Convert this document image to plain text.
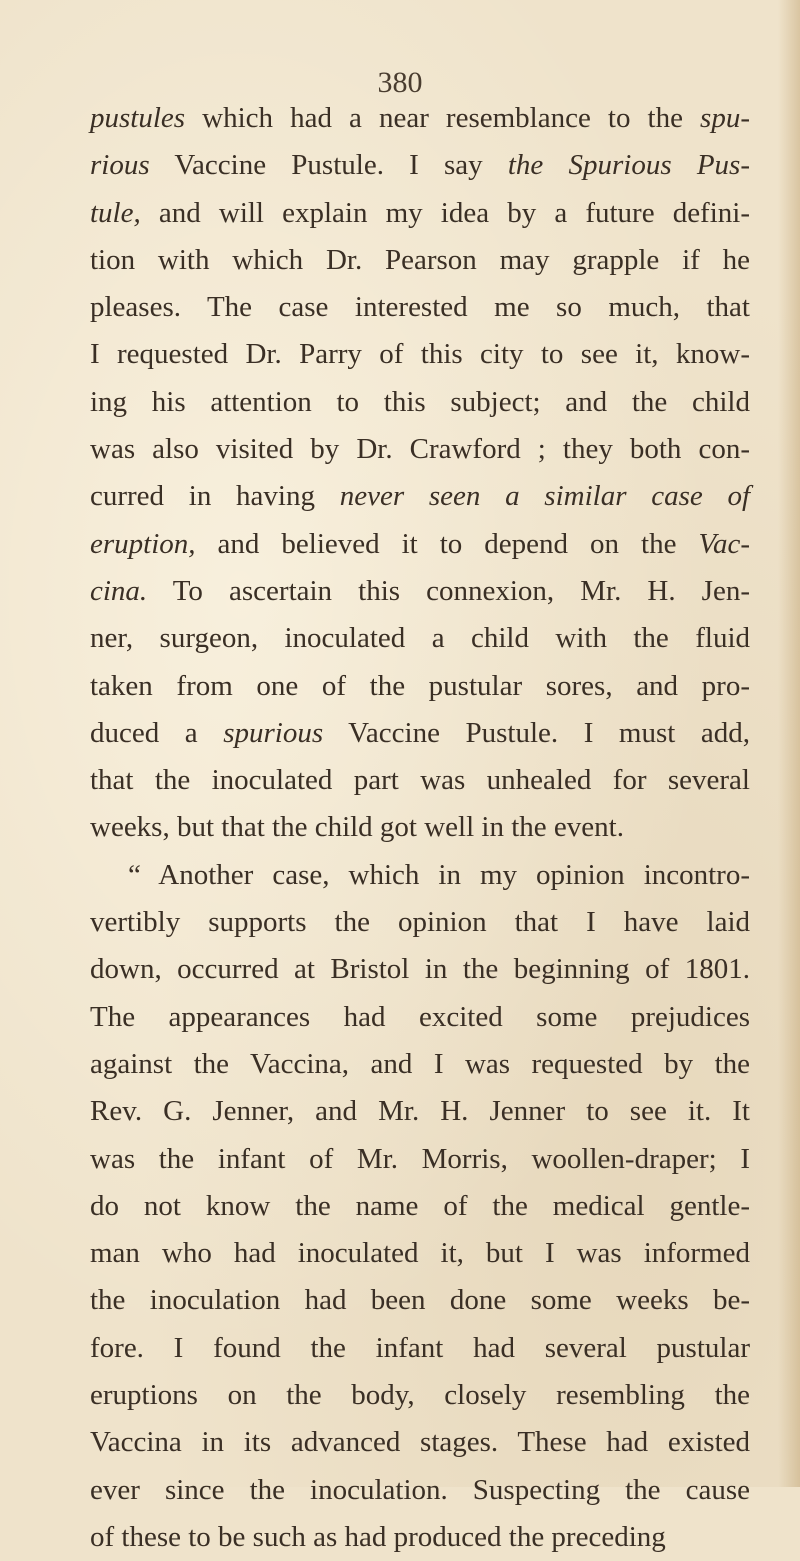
380
pustules which had a near resemblance to the spu-
rious Vaccine Pustule. I say the Spurious Pus-
tule, and will explain my idea by a future defini-
tion with which Dr. Pearson may grapple if he
pleases. The case interested me so much, that
I requested Dr. Parry of this city to see it, know-
ing his attention to this subject; and the child
was also visited by Dr. Crawford ; they both con-
curred in having never seen a similar case of
eruption, and believed it to depend on the Vac-
cina. To ascertain this connexion, Mr. H. Jen-
ner, surgeon, inoculated a child with the fluid
taken from one of the pustular sores, and pro-
duced a spurious Vaccine Pustule. I must add,
that the inoculated part was unhealed for several
weeks, but that the child got well in the event.
“ Another case, which in my opinion incontro-
vertibly supports the opinion that I have laid
down, occurred at Bristol in the beginning of 1801.
The appearances had excited some prejudices
against the Vaccina, and I was requested by the
Rev. G. Jenner, and Mr. H. Jenner to see it. It
was the infant of Mr. Morris, woollen-draper; I
do not know the name of the medical gentle-
man who had inoculated it, but I was informed
the inoculation had been done some weeks be-
fore. I found the infant had several pustular
eruptions on the body, closely resembling the
Vaccina in its advanced stages. These had existed
ever since the inoculation. Suspecting the cause
of these to be such as had produced the preceding
